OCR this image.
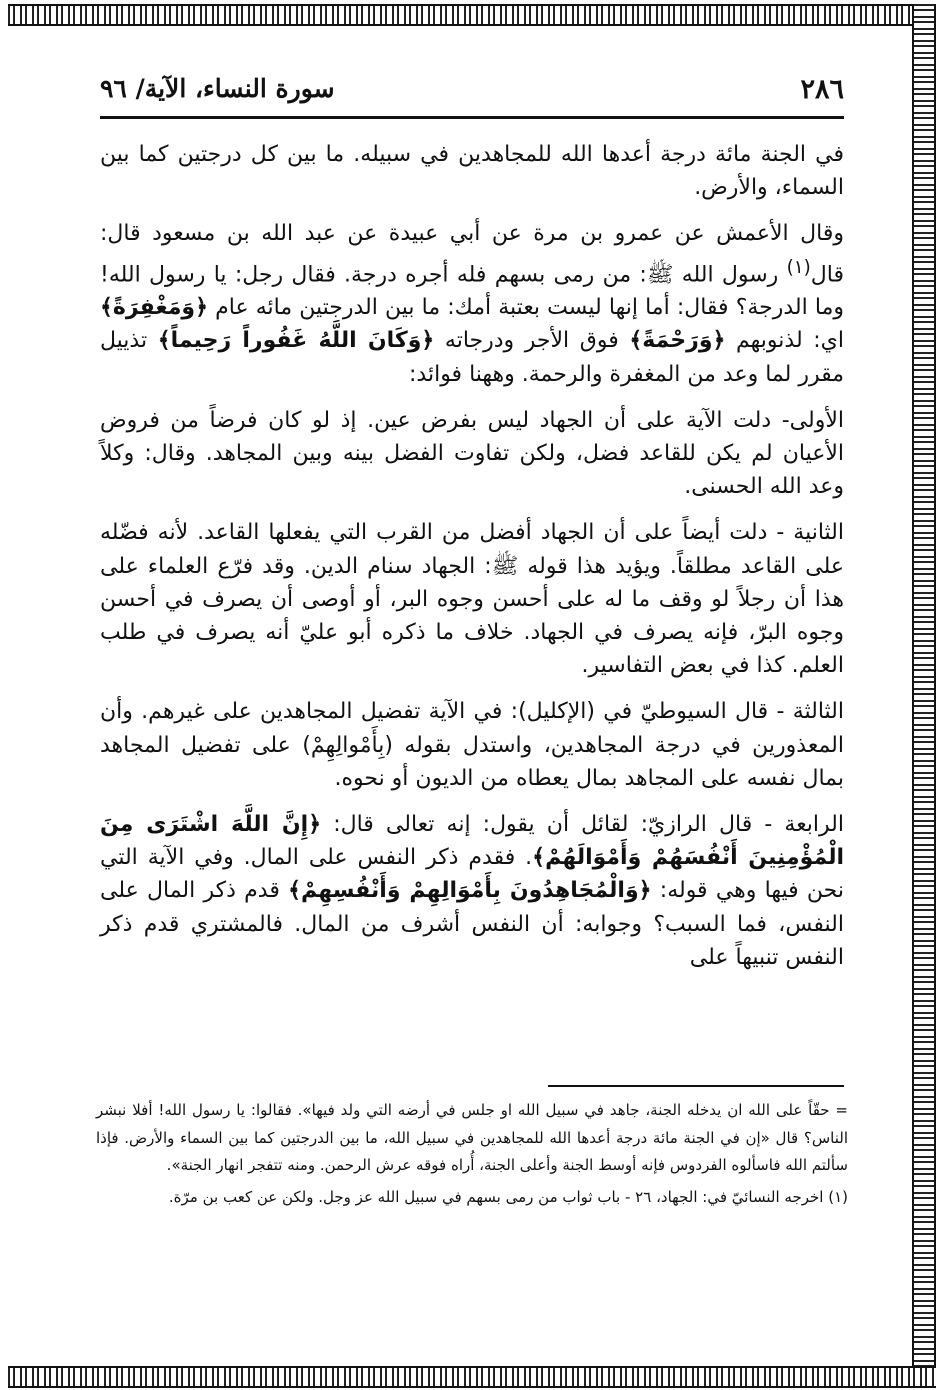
٢٨٦
سورة النساء، الآية/ ٩٦

في الجنة مائة درجة أعدها الله للمجاهدين في سبيله. ما بين كل درجتين كما بين السماء، والأرض.

وقال الأعمش عن عمرو بن مرة عن أبي عبيدة عن عبد الله بن مسعود قال: قال$^{(١)}$ رسول الله ﷺ: من رمى بسهم فله أجره درجة. فقال رجل: يا رسول الله! وما الدرجة؟ فقال: أما إنها ليست بعتبة أمك: ما بين الدرجتين مائه عام ﴿وَمَغْفِرَةً﴾ اي: لذنوبهم ﴿وَرَحْمَةً﴾ فوق الأجر ودرجاته ﴿وَكَانَ اللَّهُ غَفُوراً رَحِيماً﴾ تذييل مقرر لما وعد من المغفرة والرحمة. وههنا فوائد:

الأولى- دلت الآية على أن الجهاد ليس بفرض عين. إذ لو كان فرضاً من فروض الأعيان لم يكن للقاعد فضل، ولكن تفاوت الفضل بينه وبين المجاهد. وقال: وكلاً وعد الله الحسنى.

الثانية - دلت أيضاً على أن الجهاد أفضل من القرب التي يفعلها القاعد. لأنه فضّله على القاعد مطلقاً. ويؤيد هذا قوله ﷺ: الجهاد سنام الدين. وقد فرّع العلماء على هذا أن رجلاً لو وقف ما له على أحسن وجوه البر، أو أوصى أن يصرف في أحسن وجوه البرّ، فإنه يصرف في الجهاد. خلاف ما ذكره أبو عليّ أنه يصرف في طلب العلم. كذا في بعض التفاسير.

الثالثة - قال السيوطيّ في (الإكليل): في الآية تفضيل المجاهدين على غيرهم. وأن المعذورين في درجة المجاهدين، واستدل بقوله (بِأَمْوالِهِمْ) على تفضيل المجاهد بمال نفسه على المجاهد بمال يعطاه من الديون أو نحوه.

الرابعة - قال الرازيّ: لقائل أن يقول: إنه تعالى قال: ﴿إِنَّ اللَّهَ اشْتَرَى مِنَ الْمُؤْمِنِينَ أَنْفُسَهُمْ وَأَمْوَالَهُمْ﴾. فقدم ذكر النفس على المال. وفي الآية التي نحن فيها وهي قوله: ﴿وَالْمُجَاهِدُونَ بِأَمْوَالِهِمْ وَأَنْفُسِهِمْ﴾ قدم ذكر المال على النفس، فما السبب؟ وجوابه: أن النفس أشرف من المال. فالمشتري قدم ذكر النفس تنبيهاً على

= حقّاً على الله ان يدخله الجنة، جاهد في سبيل الله او جلس في أرضه التي ولد فيها». فقالوا: يا رسول الله! أفلا نبشر الناس؟ قال «إن في الجنة مائة درجة أعدها الله للمجاهدين في سبيل الله، ما بين الدرجتين كما بين السماء والأرض. فإذا سألتم الله فاسألوه الفردوس فإنه أوسط الجنة وأعلى الجنة، أُراه فوقه عرش الرحمن. ومنه تتفجر انهار الجنة».

(١) اخرجه النسائيّ في: الجهاد، ٢٦ - باب ثواب من رمى بسهم في سبيل الله عز وجل. ولكن عن كعب بن مرّة.
